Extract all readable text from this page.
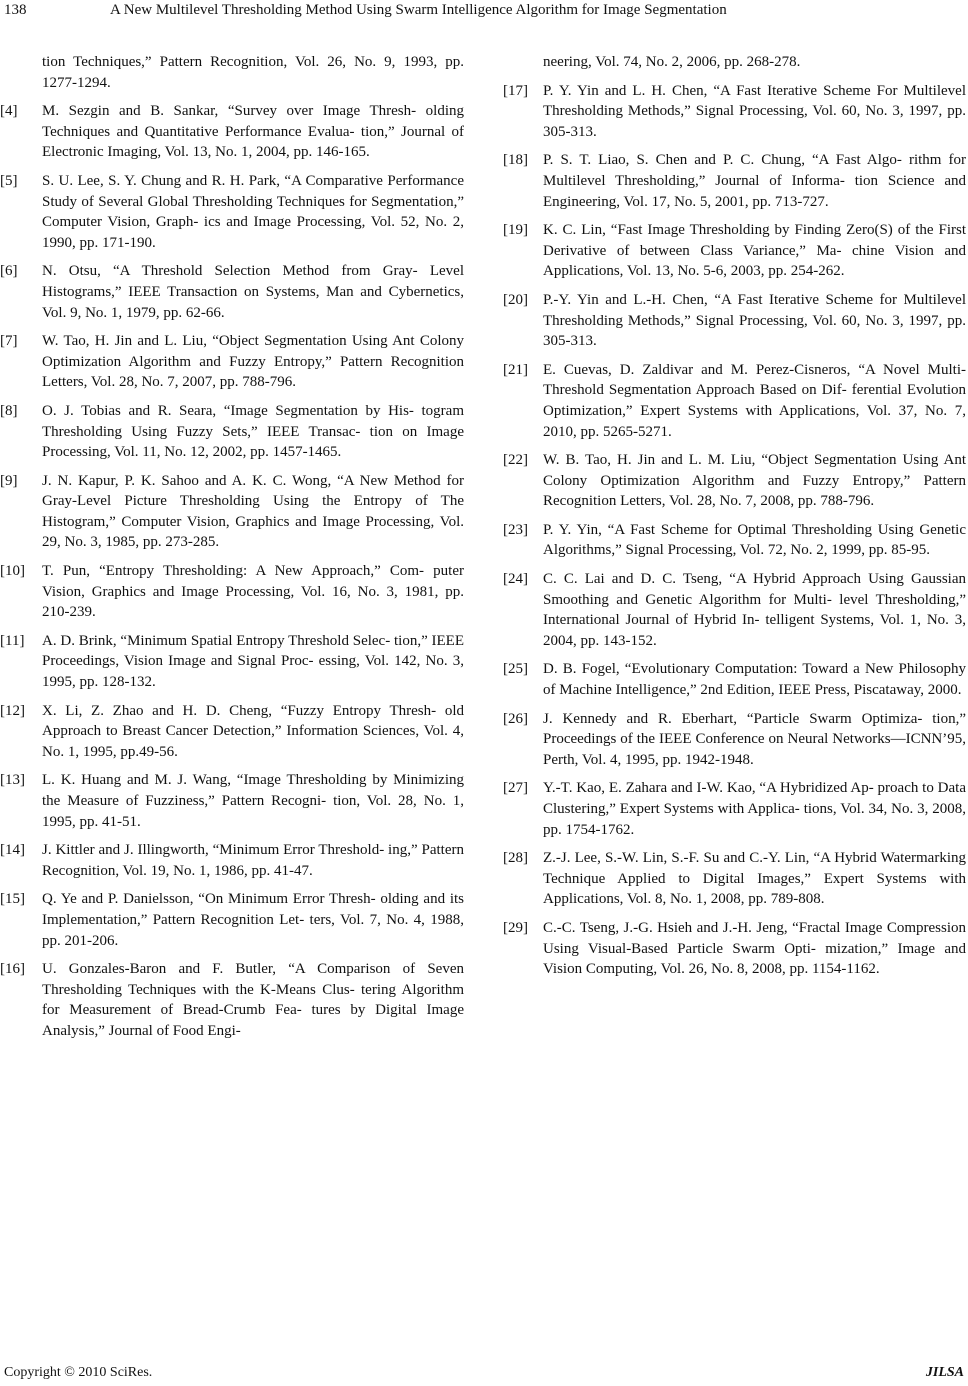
138	A New Multilevel Thresholding Method Using Swarm Intelligence Algorithm for Image Segmentation
tion Techniques,” Pattern Recognition, Vol. 26, No. 9, 1993, pp. 1277-1294.
[4] M. Sezgin and B. Sankar, “Survey over Image Thresh- olding Techniques and Quantitative Performance Evalua- tion,” Journal of Electronic Imaging, Vol. 13, No. 1, 2004, pp. 146-165.
[5] S. U. Lee, S. Y. Chung and R. H. Park, “A Comparative Performance Study of Several Global Thresholding Techniques for Segmentation,” Computer Vision, Graph- ics and Image Processing, Vol. 52, No. 2, 1990, pp. 171-190.
[6] N. Otsu, “A Threshold Selection Method from Gray- Level Histograms,” IEEE Transaction on Systems, Man and Cybernetics, Vol. 9, No. 1, 1979, pp. 62-66.
[7] W. Tao, H. Jin and L. Liu, “Object Segmentation Using Ant Colony Optimization Algorithm and Fuzzy Entropy,” Pattern Recognition Letters, Vol. 28, No. 7, 2007, pp. 788-796.
[8] O. J. Tobias and R. Seara, “Image Segmentation by His- togram Thresholding Using Fuzzy Sets,” IEEE Transac- tion on Image Processing, Vol. 11, No. 12, 2002, pp. 1457-1465.
[9] J. N. Kapur, P. K. Sahoo and A. K. C. Wong, “A New Method for Gray-Level Picture Thresholding Using the Entropy of The Histogram,” Computer Vision, Graphics and Image Processing, Vol. 29, No. 3, 1985, pp. 273-285.
[10] T. Pun, “Entropy Thresholding: A New Approach,” Com- puter Vision, Graphics and Image Processing, Vol. 16, No. 3, 1981, pp. 210-239.
[11] A. D. Brink, “Minimum Spatial Entropy Threshold Selec- tion,” IEEE Proceedings, Vision Image and Signal Proc- essing, Vol. 142, No. 3, 1995, pp. 128-132.
[12] X. Li, Z. Zhao and H. D. Cheng, “Fuzzy Entropy Thresh- old Approach to Breast Cancer Detection,” Information Sciences, Vol. 4, No. 1, 1995, pp.49-56.
[13] L. K. Huang and M. J. Wang, “Image Thresholding by Minimizing the Measure of Fuzziness,” Pattern Recogni- tion, Vol. 28, No. 1, 1995, pp. 41-51.
[14] J. Kittler and J. Illingworth, “Minimum Error Threshold- ing,” Pattern Recognition, Vol. 19, No. 1, 1986, pp. 41-47.
[15] Q. Ye and P. Danielsson, “On Minimum Error Thresh- olding and its Implementation,” Pattern Recognition Let- ters, Vol. 7, No. 4, 1988, pp. 201-206.
[16] U. Gonzales-Baron and F. Butler, “A Comparison of Seven Thresholding Techniques with the K-Means Clus- tering Algorithm for Measurement of Bread-Crumb Fea- tures by Digital Image Analysis,” Journal of Food Engi-
neering, Vol. 74, No. 2, 2006, pp. 268-278.
[17] P. Y. Yin and L. H. Chen, “A Fast Iterative Scheme For Multilevel Thresholding Methods,” Signal Processing, Vol. 60, No. 3, 1997, pp. 305-313.
[18] P. S. T. Liao, S. Chen and P. C. Chung, “A Fast Algo- rithm for Multilevel Thresholding,” Journal of Informa- tion Science and Engineering, Vol. 17, No. 5, 2001, pp. 713-727.
[19] K. C. Lin, “Fast Image Thresholding by Finding Zero(S) of the First Derivative of between Class Variance,” Ma- chine Vision and Applications, Vol. 13, No. 5-6, 2003, pp. 254-262.
[20] P.-Y. Yin and L.-H. Chen, “A Fast Iterative Scheme for Multilevel Thresholding Methods,” Signal Processing, Vol. 60, No. 3, 1997, pp. 305-313.
[21] E. Cuevas, D. Zaldivar and M. Perez-Cisneros, “A Novel Multi-Threshold Segmentation Approach Based on Dif- ferential Evolution Optimization,” Expert Systems with Applications, Vol. 37, No. 7, 2010, pp. 5265-5271.
[22] W. B. Tao, H. Jin and L. M. Liu, “Object Segmentation Using Ant Colony Optimization Algorithm and Fuzzy Entropy,” Pattern Recognition Letters, Vol. 28, No. 7, 2008, pp. 788-796.
[23] P. Y. Yin, “A Fast Scheme for Optimal Thresholding Using Genetic Algorithms,” Signal Processing, Vol. 72, No. 2, 1999, pp. 85-95.
[24] C. C. Lai and D. C. Tseng, “A Hybrid Approach Using Gaussian Smoothing and Genetic Algorithm for Multi- level Thresholding,” International Journal of Hybrid In- telligent Systems, Vol. 1, No. 3, 2004, pp. 143-152.
[25] D. B. Fogel, “Evolutionary Computation: Toward a New Philosophy of Machine Intelligence,” 2nd Edition, IEEE Press, Piscataway, 2000.
[26] J. Kennedy and R. Eberhart, “Particle Swarm Optimiza- tion,” Proceedings of the IEEE Conference on Neural Networks—ICNN’95, Perth, Vol. 4, 1995, pp. 1942-1948.
[27] Y.-T. Kao, E. Zahara and I-W. Kao, “A Hybridized Ap- proach to Data Clustering,” Expert Systems with Applica- tions, Vol. 34, No. 3, 2008, pp. 1754-1762.
[28] Z.-J. Lee, S.-W. Lin, S.-F. Su and C.-Y. Lin, “A Hybrid Watermarking Technique Applied to Digital Images,” Expert Systems with Applications, Vol. 8, No. 1, 2008, pp. 789-808.
[29] C.-C. Tseng, J.-G. Hsieh and J.-H. Jeng, “Fractal Image Compression Using Visual-Based Particle Swarm Opti- mization,” Image and Vision Computing, Vol. 26, No. 8, 2008, pp. 1154-1162.
Copyright © 2010 SciRes.	JILSA
